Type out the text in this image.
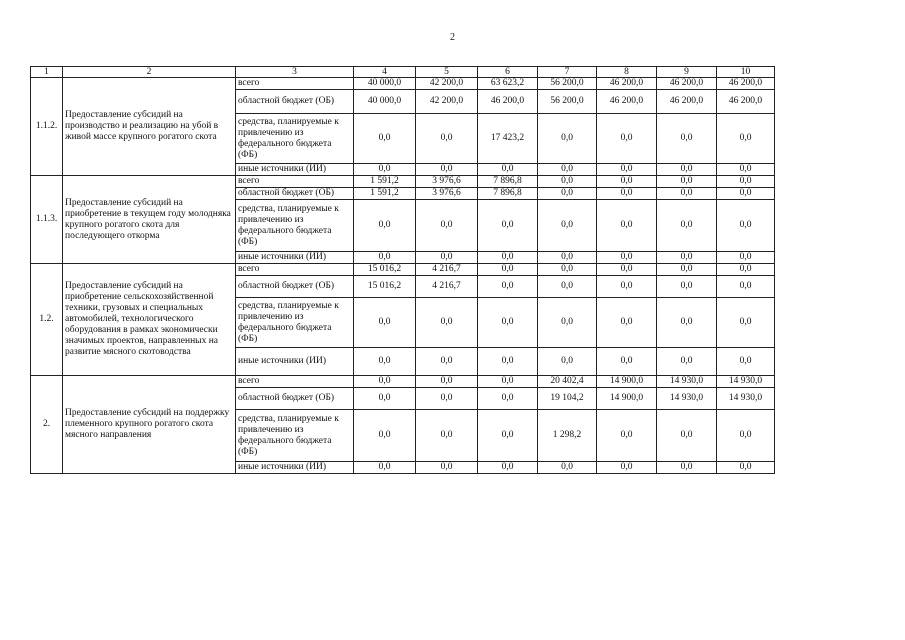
2
1	2	3	4	5	6	7	8	9	10
1.1.2.	Предоставление субсидий на производство и реализацию на убой в живой массе крупного рогатого скота	всего	40 000,0	42 200,0	63 623,2	56 200,0	46 200,0	46 200,0	46 200,0
		областной бюджет (ОБ)	40 000,0	42 200,0	46 200,0	56 200,0	46 200,0	46 200,0	46 200,0
		средства, планируемые к привлечению из федерального бюджета (ФБ)	0,0	0,0	17 423,2	0,0	0,0	0,0	0,0
		иные источники (ИИ)	0,0	0,0	0,0	0,0	0,0	0,0	0,0
1.1.3.	Предоставление субсидий на приобретение в текущем году молодняка крупного рогатого скота для последующего откорма	всего	1 591,2	3 976,6	7 896,8	0,0	0,0	0,0	0,0
		областной бюджет (ОБ)	1 591,2	3 976,6	7 896,8	0,0	0,0	0,0	0,0
		средства, планируемые к привлечению из федерального бюджета (ФБ)	0,0	0,0	0,0	0,0	0,0	0,0	0,0
		иные источники (ИИ)	0,0	0,0	0,0	0,0	0,0	0,0	0,0
1.2.	Предоставление субсидий на приобретение сельскохозяйственной техники, грузовых и специальных автомобилей, технологического оборудования в рамках экономически значимых проектов, направленных на развитие мясного скотоводства	всего	15 016,2	4 216,7	0,0	0,0	0,0	0,0	0,0
		областной бюджет (ОБ)	15 016,2	4 216,7	0,0	0,0	0,0	0,0	0,0
		средства, планируемые к привлечению из федерального бюджета (ФБ)	0,0	0,0	0,0	0,0	0,0	0,0	0,0
		иные источники (ИИ)	0,0	0,0	0,0	0,0	0,0	0,0	0,0
2.	Предоставление субсидий на поддержку племенного крупного рогатого скота мясного направления	всего	0,0	0,0	0,0	20 402,4	14 900,0	14 930,0	14 930,0
		областной бюджет (ОБ)	0,0	0,0	0,0	19 104,2	14 900,0	14 930,0	14 930,0
		средства, планируемые к привлечению из федерального бюджета (ФБ)	0,0	0,0	0,0	1 298,2	0,0	0,0	0,0
		иные источники (ИИ)	0,0	0,0	0,0	0,0	0,0	0,0	0,0
